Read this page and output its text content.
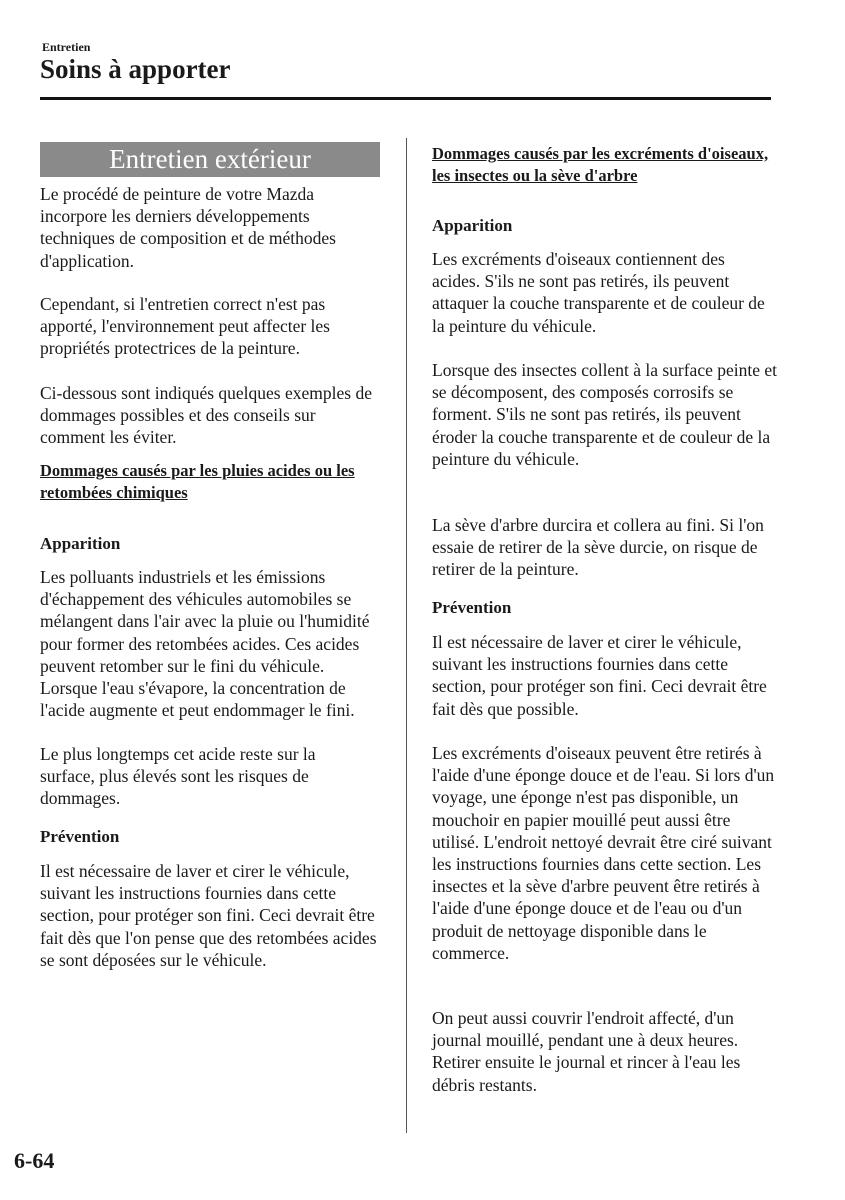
Entretien
Soins à apporter
Entretien extérieur

Le procédé de peinture de votre Mazda incorpore les derniers développements techniques de composition et de méthodes d'application.

Cependant, si l'entretien correct n'est pas apporté, l'environnement peut affecter les propriétés protectrices de la peinture.

Ci-dessous sont indiqués quelques exemples de dommages possibles et des conseils sur comment les éviter.

Dommages causés par les pluies acides ou les retombées chimiques

Apparition

Les polluants industriels et les émissions d'échappement des véhicules automobiles se mélangent dans l'air avec la pluie ou l'humidité pour former des retombées acides. Ces acides peuvent retomber sur le fini du véhicule. Lorsque l'eau s'évapore, la concentration de l'acide augmente et peut endommager le fini.

Le plus longtemps cet acide reste sur la surface, plus élevés sont les risques de dommages.

Prévention

Il est nécessaire de laver et cirer le véhicule, suivant les instructions fournies dans cette section, pour protéger son fini. Ceci devrait être fait dès que l'on pense que des retombées acides se sont déposées sur le véhicule.

Dommages causés par les excréments d'oiseaux, les insectes ou la sève d'arbre

Apparition

Les excréments d'oiseaux contiennent des acides. S'ils ne sont pas retirés, ils peuvent attaquer la couche transparente et de couleur de la peinture du véhicule.

Lorsque des insectes collent à la surface peinte et se décomposent, des composés corrosifs se forment. S'ils ne sont pas retirés, ils peuvent éroder la couche transparente et de couleur de la peinture du véhicule.

La sève d'arbre durcira et collera au fini. Si l'on essaie de retirer de la sève durcie, on risque de retirer de la peinture.

Prévention

Il est nécessaire de laver et cirer le véhicule, suivant les instructions fournies dans cette section, pour protéger son fini. Ceci devrait être fait dès que possible.

Les excréments d'oiseaux peuvent être retirés à l'aide d'une éponge douce et de l'eau. Si lors d'un voyage, une éponge n'est pas disponible, un mouchoir en papier mouillé peut aussi être utilisé. L'endroit nettoyé devrait être ciré suivant les instructions fournies dans cette section. Les insectes et la sève d'arbre peuvent être retirés à l'aide d'une éponge douce et de l'eau ou d'un produit de nettoyage disponible dans le commerce.

On peut aussi couvrir l'endroit affecté, d'un journal mouillé, pendant une à deux heures. Retirer ensuite le journal et rincer à l'eau les débris restants.

6-64
